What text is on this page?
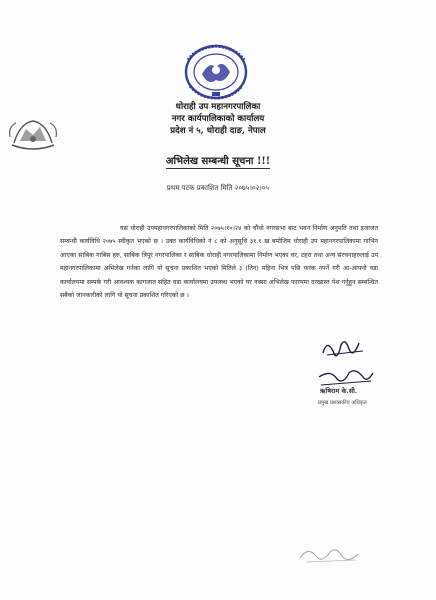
धोराही उप महानगरपालिका
नगर कार्यपालिकाको कार्यालय
प्रदेश नं ५, धोराही दाङ, नेपाल
अभिलेख सम्बन्धी सूचना !!!
प्रथम पटक प्रकाशित मिति २०७५।०२।०५

यस धोराही उपमहानगरपालिकाको मिति २०७५।१०।२४ को चौंथो नगरसभा बाट भवन निर्माण अनुमति तथा इजाजत सम्बन्धी कार्यविधि २०७५ स्वीकृत भएको छ । उक्त कार्यविधिको नं ८ को अनुसूचि ३१.१ ख बमोजिम धोराही उप महानगरपालिकामा गाभिन आएका साबिक गाबिस हरु, साबिक त्रिपुर नगरपालिका र साबिक धोराही नगरपालिकामा निर्माण भएका घर, टहरा तथा अन्य संरचनाहरुलाई उप महानगरपालिकामा अभिलेख गर्नका लागि यो सूचना प्रकाशित भएको मितिले ३ (तिन) महिना भित्र पछि फरक नपर्ने गरी आ-आफ्नो वडा कार्यालयमा सम्पर्क गरी आवश्यक कागजात सहित वडा कार्यालयमा उपलब्ध भएको घर नक्सा अभिलेख फारममा दरखास्त पेश गर्नुहुन सम्बन्धित सबैको जानकारीको लागि यो सूचना प्रकाशित गरिएको छ ।

ऋषिराम के.सी.
प्रमुख प्रशासकीय अधिकृत
